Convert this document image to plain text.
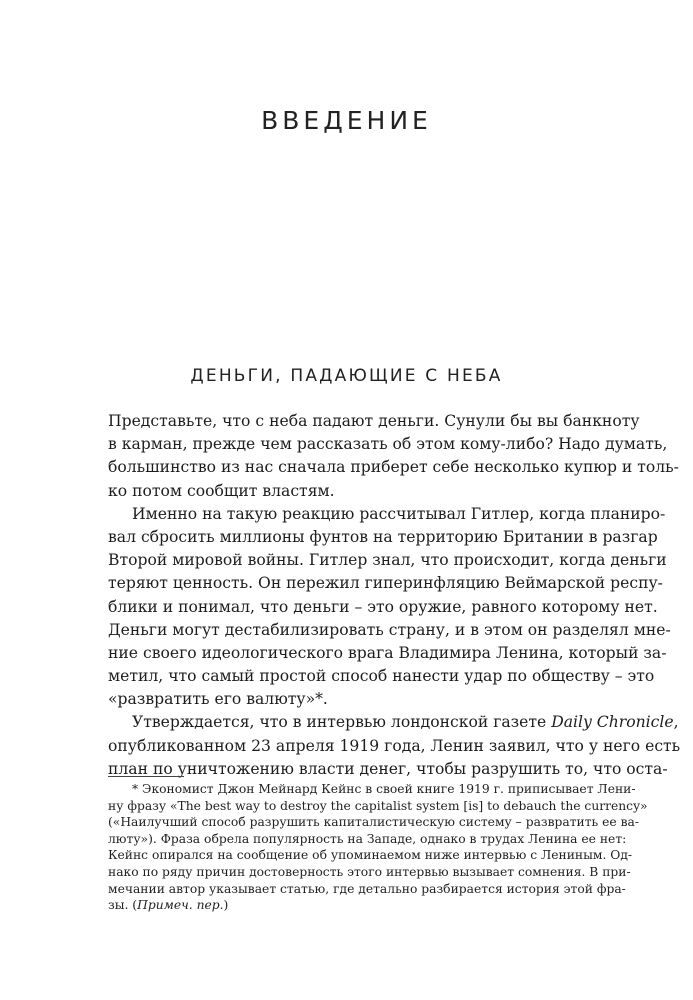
ВВЕДЕНИЕ
ДЕНЬГИ, ПАДАЮЩИЕ С НЕБА
Представьте, что с неба падают деньги. Сунули бы вы банкноту
в карман, прежде чем рассказать об этом кому-либо? Надо думать,
большинство из нас сначала приберет себе несколько купюр и толь-
ко потом сообщит властям.
Именно на такую реакцию рассчитывал Гитлер, когда планиро-
вал сбросить миллионы фунтов на территорию Британии в разгар
Второй мировой войны. Гитлер знал, что происходит, когда деньги
теряют ценность. Он пережил гиперинфляцию Веймарской респу-
блики и понимал, что деньги – это оружие, равного которому нет.
Деньги могут дестабилизировать страну, и в этом он разделял мне-
ние своего идеологического врага Владимира Ленина, который за-
метил, что самый простой способ нанести удар по обществу – это
«развратить его валюту»*.
Утверждается, что в интервью лондонской газете Daily Chronicle,
опубликованном 23 апреля 1919 года, Ленин заявил, что у него есть
план по уничтожению власти денег, чтобы разрушить то, что оста-
* Экономист Джон Мейнард Кейнс в своей книге 1919 г. приписывает Лени-
ну фразу «The best way to destroy the capitalist system [is] to debauch the currency»
(«Наилучший способ разрушить капиталистическую систему – развратить ее ва-
люту»). Фраза обрела популярность на Западе, однако в трудах Ленина ее нет:
Кейнс опирался на сообщение об упоминаемом ниже интервью с Лениным. Од-
нако по ряду причин достоверность этого интервью вызывает сомнения. В при-
мечании автор указывает статью, где детально разбирается история этой фра-
зы. (Примеч. пер.)
